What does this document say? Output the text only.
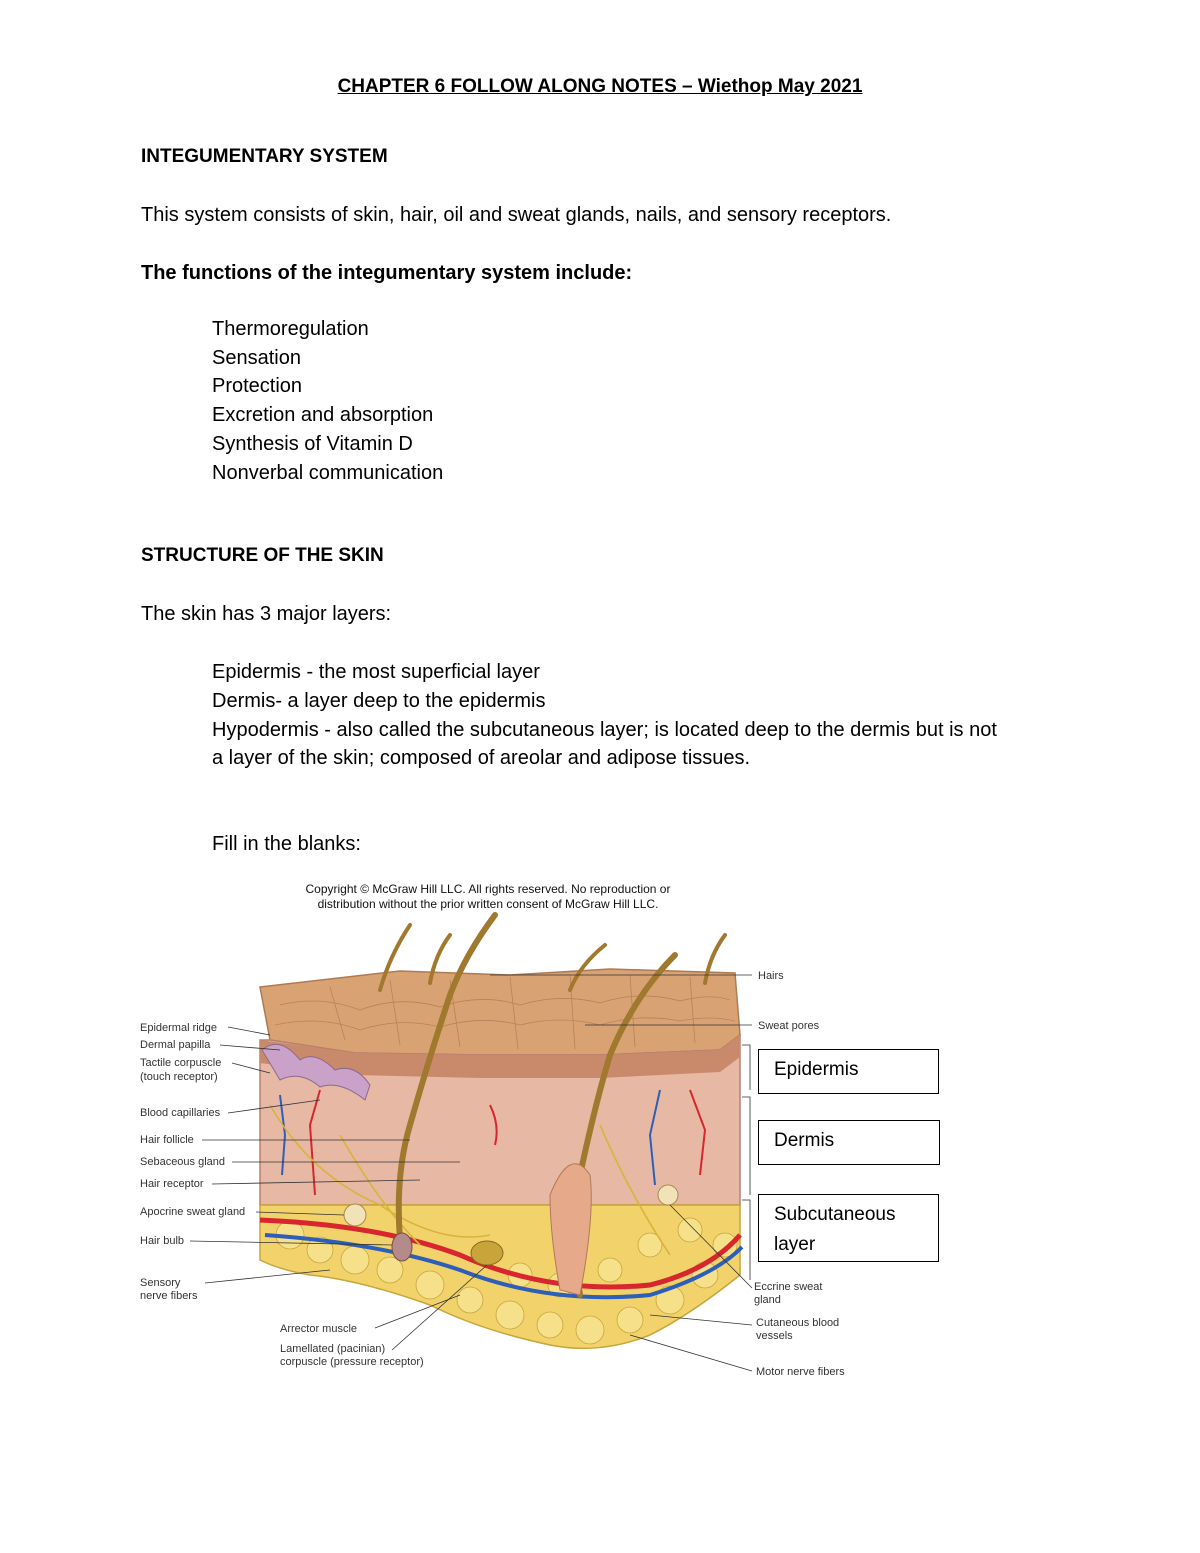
CHAPTER 6 FOLLOW ALONG NOTES – Wiethop May 2021
INTEGUMENTARY SYSTEM
This system consists of skin, hair, oil and sweat glands, nails, and sensory receptors.
The functions of the integumentary system include:
Thermoregulation
Sensation
Protection
Excretion and absorption
Synthesis of Vitamin D
Nonverbal communication
STRUCTURE OF THE SKIN
The skin has 3 major layers:
Epidermis - the most superficial layer
Dermis- a layer deep to the epidermis
Hypodermis - also called the subcutaneous layer; is located deep to the dermis but is not
a layer of the skin; composed of areolar and adipose tissues.
Fill in the blanks:
Copyright © McGraw Hill LLC. All rights reserved. No reproduction or
distribution without the prior written consent of McGraw Hill LLC.
Epidermal ridge
Dermal papilla
Tactile corpuscle
(touch receptor)
Blood capillaries
Hair follicle
Sebaceous gland
Hair receptor
Apocrine sweat gland
Hair bulb
Sensory
nerve fibers
Arrector muscle
Lamellated (pacinian)
corpuscle (pressure receptor)
Hairs
Sweat pores
Eccrine sweat
gland
Cutaneous blood
vessels
Motor nerve fibers
Epidermis
Dermis
Subcutaneous
layer
